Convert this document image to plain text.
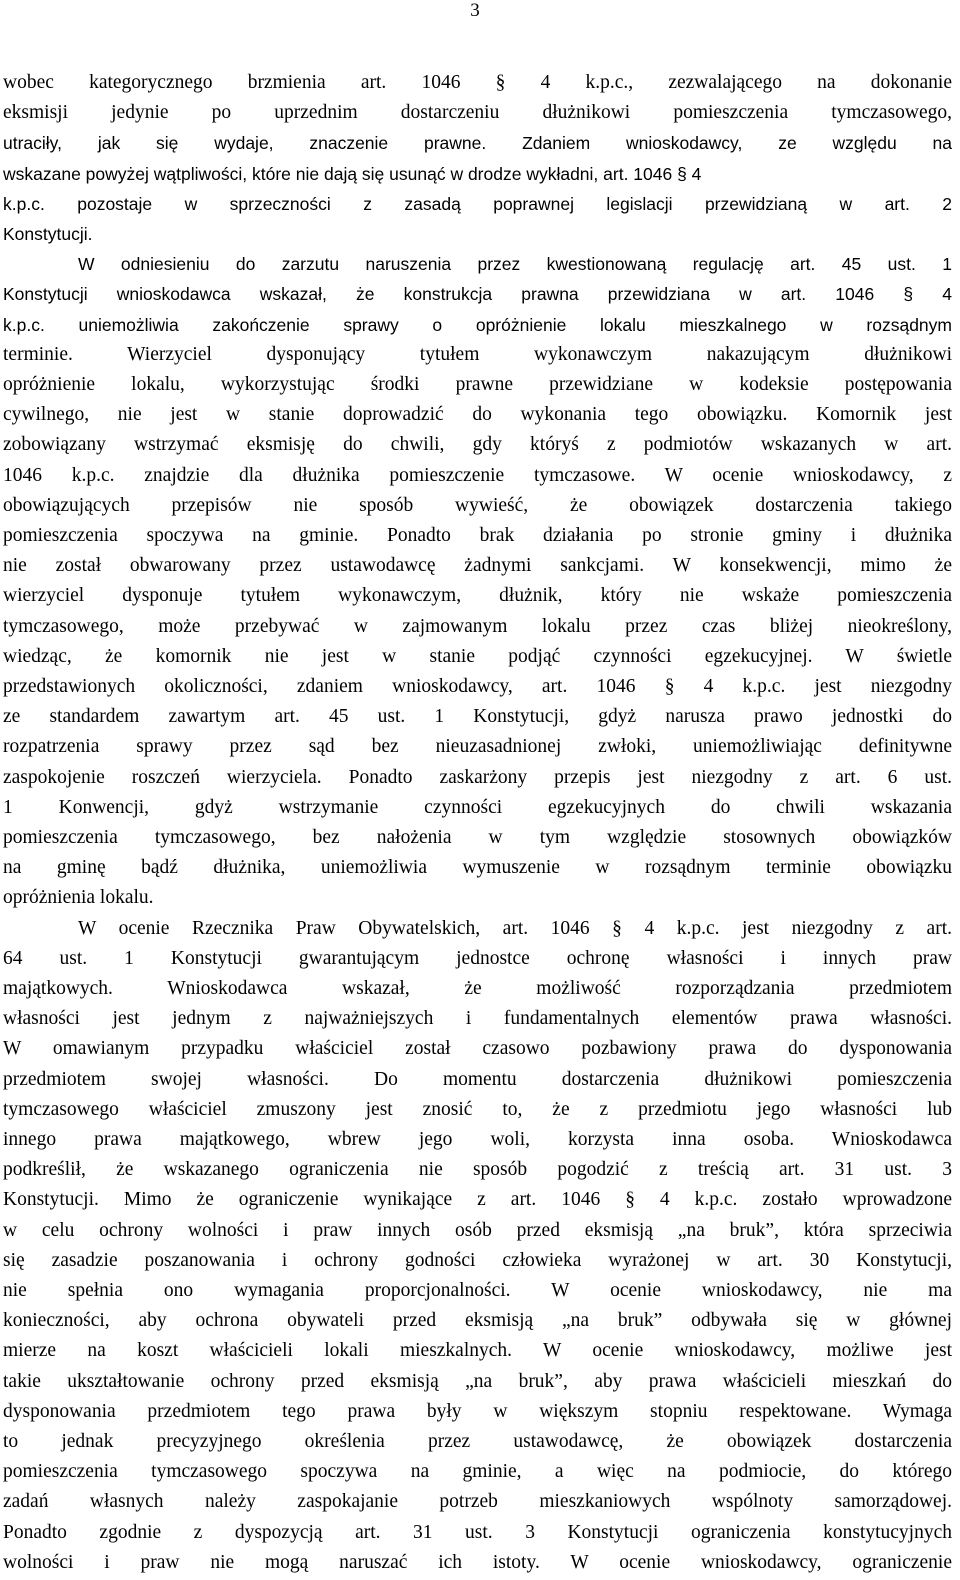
3
wobec kategorycznego brzmienia art. 1046 § 4 k.p.c., zezwalającego na dokonanie
eksmisji jedynie po uprzednim dostarczeniu dłużnikowi pomieszczenia tymczasowego,
utraciły, jak się wydaje, znaczenie prawne. Zdaniem wnioskodawcy, ze względu na
wskazane powyżej wątpliwości, które nie dają się usunąć w drodze wykładni, art. 1046 § 4
k.p.c. pozostaje w sprzeczności z zasadą poprawnej legislacji przewidzianą w art. 2
Konstytucji.
W odniesieniu do zarzutu naruszenia przez kwestionowaną regulację art. 45 ust. 1
Konstytucji wnioskodawca wskazał, że konstrukcja prawna przewidziana w art. 1046 § 4
k.p.c. uniemożliwia zakończenie sprawy o opróżnienie lokalu mieszkalnego w rozsądnym
terminie. Wierzyciel dysponujący tytułem wykonawczym nakazującym dłużnikowi
opróżnienie lokalu, wykorzystując środki prawne przewidziane w kodeksie postępowania
cywilnego, nie jest w stanie doprowadzić do wykonania tego obowiązku. Komornik jest
zobowiązany wstrzymać eksmisję do chwili, gdy któryś z podmiotów wskazanych w art.
1046 k.p.c. znajdzie dla dłużnika pomieszczenie tymczasowe. W ocenie wnioskodawcy, z
obowiązujących przepisów nie sposób wywieść, że obowiązek dostarczenia takiego
pomieszczenia spoczywa na gminie. Ponadto brak działania po stronie gminy i dłużnika
nie został obwarowany przez ustawodawcę żadnymi sankcjami. W konsekwencji, mimo że
wierzyciel dysponuje tytułem wykonawczym, dłużnik, który nie wskaże pomieszczenia
tymczasowego, może przebywać w zajmowanym lokalu przez czas bliżej nieokreślony,
wiedząc, że komornik nie jest w stanie podjąć czynności egzekucyjnej. W świetle
przedstawionych okoliczności, zdaniem wnioskodawcy, art. 1046 § 4 k.p.c. jest niezgodny
ze standardem zawartym art. 45 ust. 1 Konstytucji, gdyż narusza prawo jednostki do
rozpatrzenia sprawy przez sąd bez nieuzasadnionej zwłoki, uniemożliwiając definitywne
zaspokojenie roszczeń wierzyciela. Ponadto zaskarżony przepis jest niezgodny z art. 6 ust.
1 Konwencji, gdyż wstrzymanie czynności egzekucyjnych do chwili wskazania
pomieszczenia tymczasowego, bez nałożenia w tym względzie stosownych obowiązków
na gminę bądź dłużnika, uniemożliwia wymuszenie w rozsądnym terminie obowiązku
opróżnienia lokalu.
W ocenie Rzecznika Praw Obywatelskich, art. 1046 § 4 k.p.c. jest niezgodny z art.
64 ust. 1 Konstytucji gwarantującym jednostce ochronę własności i innych praw
majątkowych. Wnioskodawca wskazał, że możliwość rozporządzania przedmiotem
własności jest jednym z najważniejszych i fundamentalnych elementów prawa własności.
W omawianym przypadku właściciel został czasowo pozbawiony prawa do dysponowania
przedmiotem swojej własności. Do momentu dostarczenia dłużnikowi pomieszczenia
tymczasowego właściciel zmuszony jest znosić to, że z przedmiotu jego własności lub
innego prawa majątkowego, wbrew jego woli, korzysta inna osoba. Wnioskodawca
podkreślił, że wskazanego ograniczenia nie sposób pogodzić z treścią art. 31 ust. 3
Konstytucji. Mimo że ograniczenie wynikające z art. 1046 § 4 k.p.c. zostało wprowadzone
w celu ochrony wolności i praw innych osób przed eksmisją „na bruk”, która sprzeciwia
się zasadzie poszanowania i ochrony godności człowieka wyrażonej w art. 30 Konstytucji,
nie spełnia ono wymagania proporcjonalności. W ocenie wnioskodawcy, nie ma
konieczności, aby ochrona obywateli przed eksmisją „na bruk” odbywała się w głównej
mierze na koszt właścicieli lokali mieszkalnych. W ocenie wnioskodawcy, możliwe jest
takie ukształtowanie ochrony przed eksmisją „na bruk”, aby prawa właścicieli mieszkań do
dysponowania przedmiotem tego prawa były w większym stopniu respektowane. Wymaga
to jednak precyzyjnego określenia przez ustawodawcę, że obowiązek dostarczenia
pomieszczenia tymczasowego spoczywa na gminie, a więc na podmiocie, do którego
zadań własnych należy zaspokajanie potrzeb mieszkaniowych wspólnoty samorządowej.
Ponadto zgodnie z dyspozycją art. 31 ust. 3 Konstytucji ograniczenia konstytucyjnych
wolności i praw nie mogą naruszać ich istoty. W ocenie wnioskodawcy, ograniczenie
